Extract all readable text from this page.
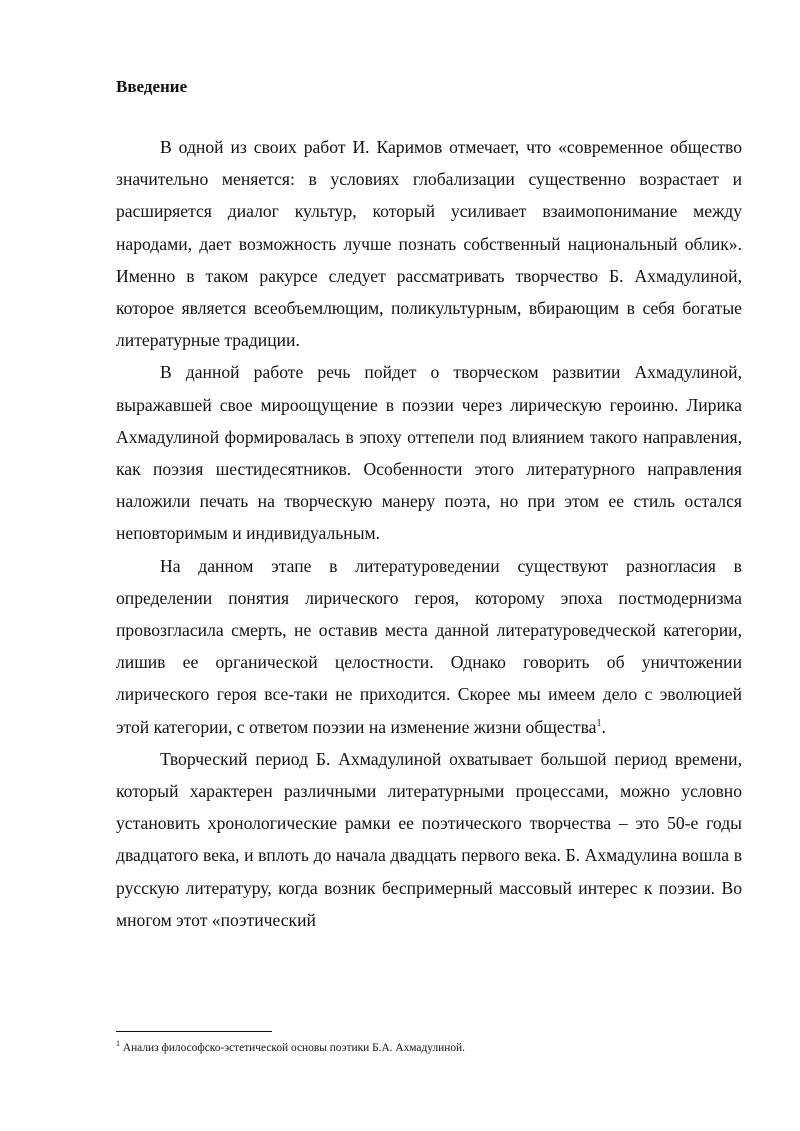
Введение

В одной из своих работ И. Каримов отмечает, что «современное общество значительно меняется: в условиях глобализации существенно возрастает и расширяется диалог культур, который усиливает взаимопонимание между народами, дает возможность лучше познать собственный национальный облик». Именно в таком ракурсе следует рассматривать творчество Б. Ахмадулиной, которое является всеобъемлющим, поликультурным, вбирающим в себя богатые литературные традиции.

В данной работе речь пойдет о творческом развитии Ахмадулиной, выражавшей свое мироощущение в поэзии через лирическую героиню. Лирика Ахмадулиной формировалась в эпоху оттепели под влиянием такого направления, как поэзия шестидесятников. Особенности этого литературного направления наложили печать на творческую манеру поэта, но при этом ее стиль остался неповторимым и индивидуальным.

На данном этапе в литературоведении существуют разногласия в определении понятия лирического героя, которому эпоха постмодернизма провозгласила смерть, не оставив места данной литературоведческой категории, лишив ее органической целостности. Однако говорить об уничтожении лирического героя все-таки не приходится. Скорее мы имеем дело с эволюцией этой категории, с ответом поэзии на изменение жизни общества$^1$.

Творческий период Б. Ахмадулиной охватывает большой период времени, который характерен различными литературными процессами, можно условно установить хронологические рамки ее поэтического творчества – это 50-е годы двадцатого века, и вплоть до начала двадцать первого века. Б. Ахмадулина вошла в русскую литературу, когда возник беспримерный массовый интерес к поэзии. Во многом этот «поэтический

$^1$ Анализ философско-эстетической основы поэтики Б.А. Ахмадулиной.
